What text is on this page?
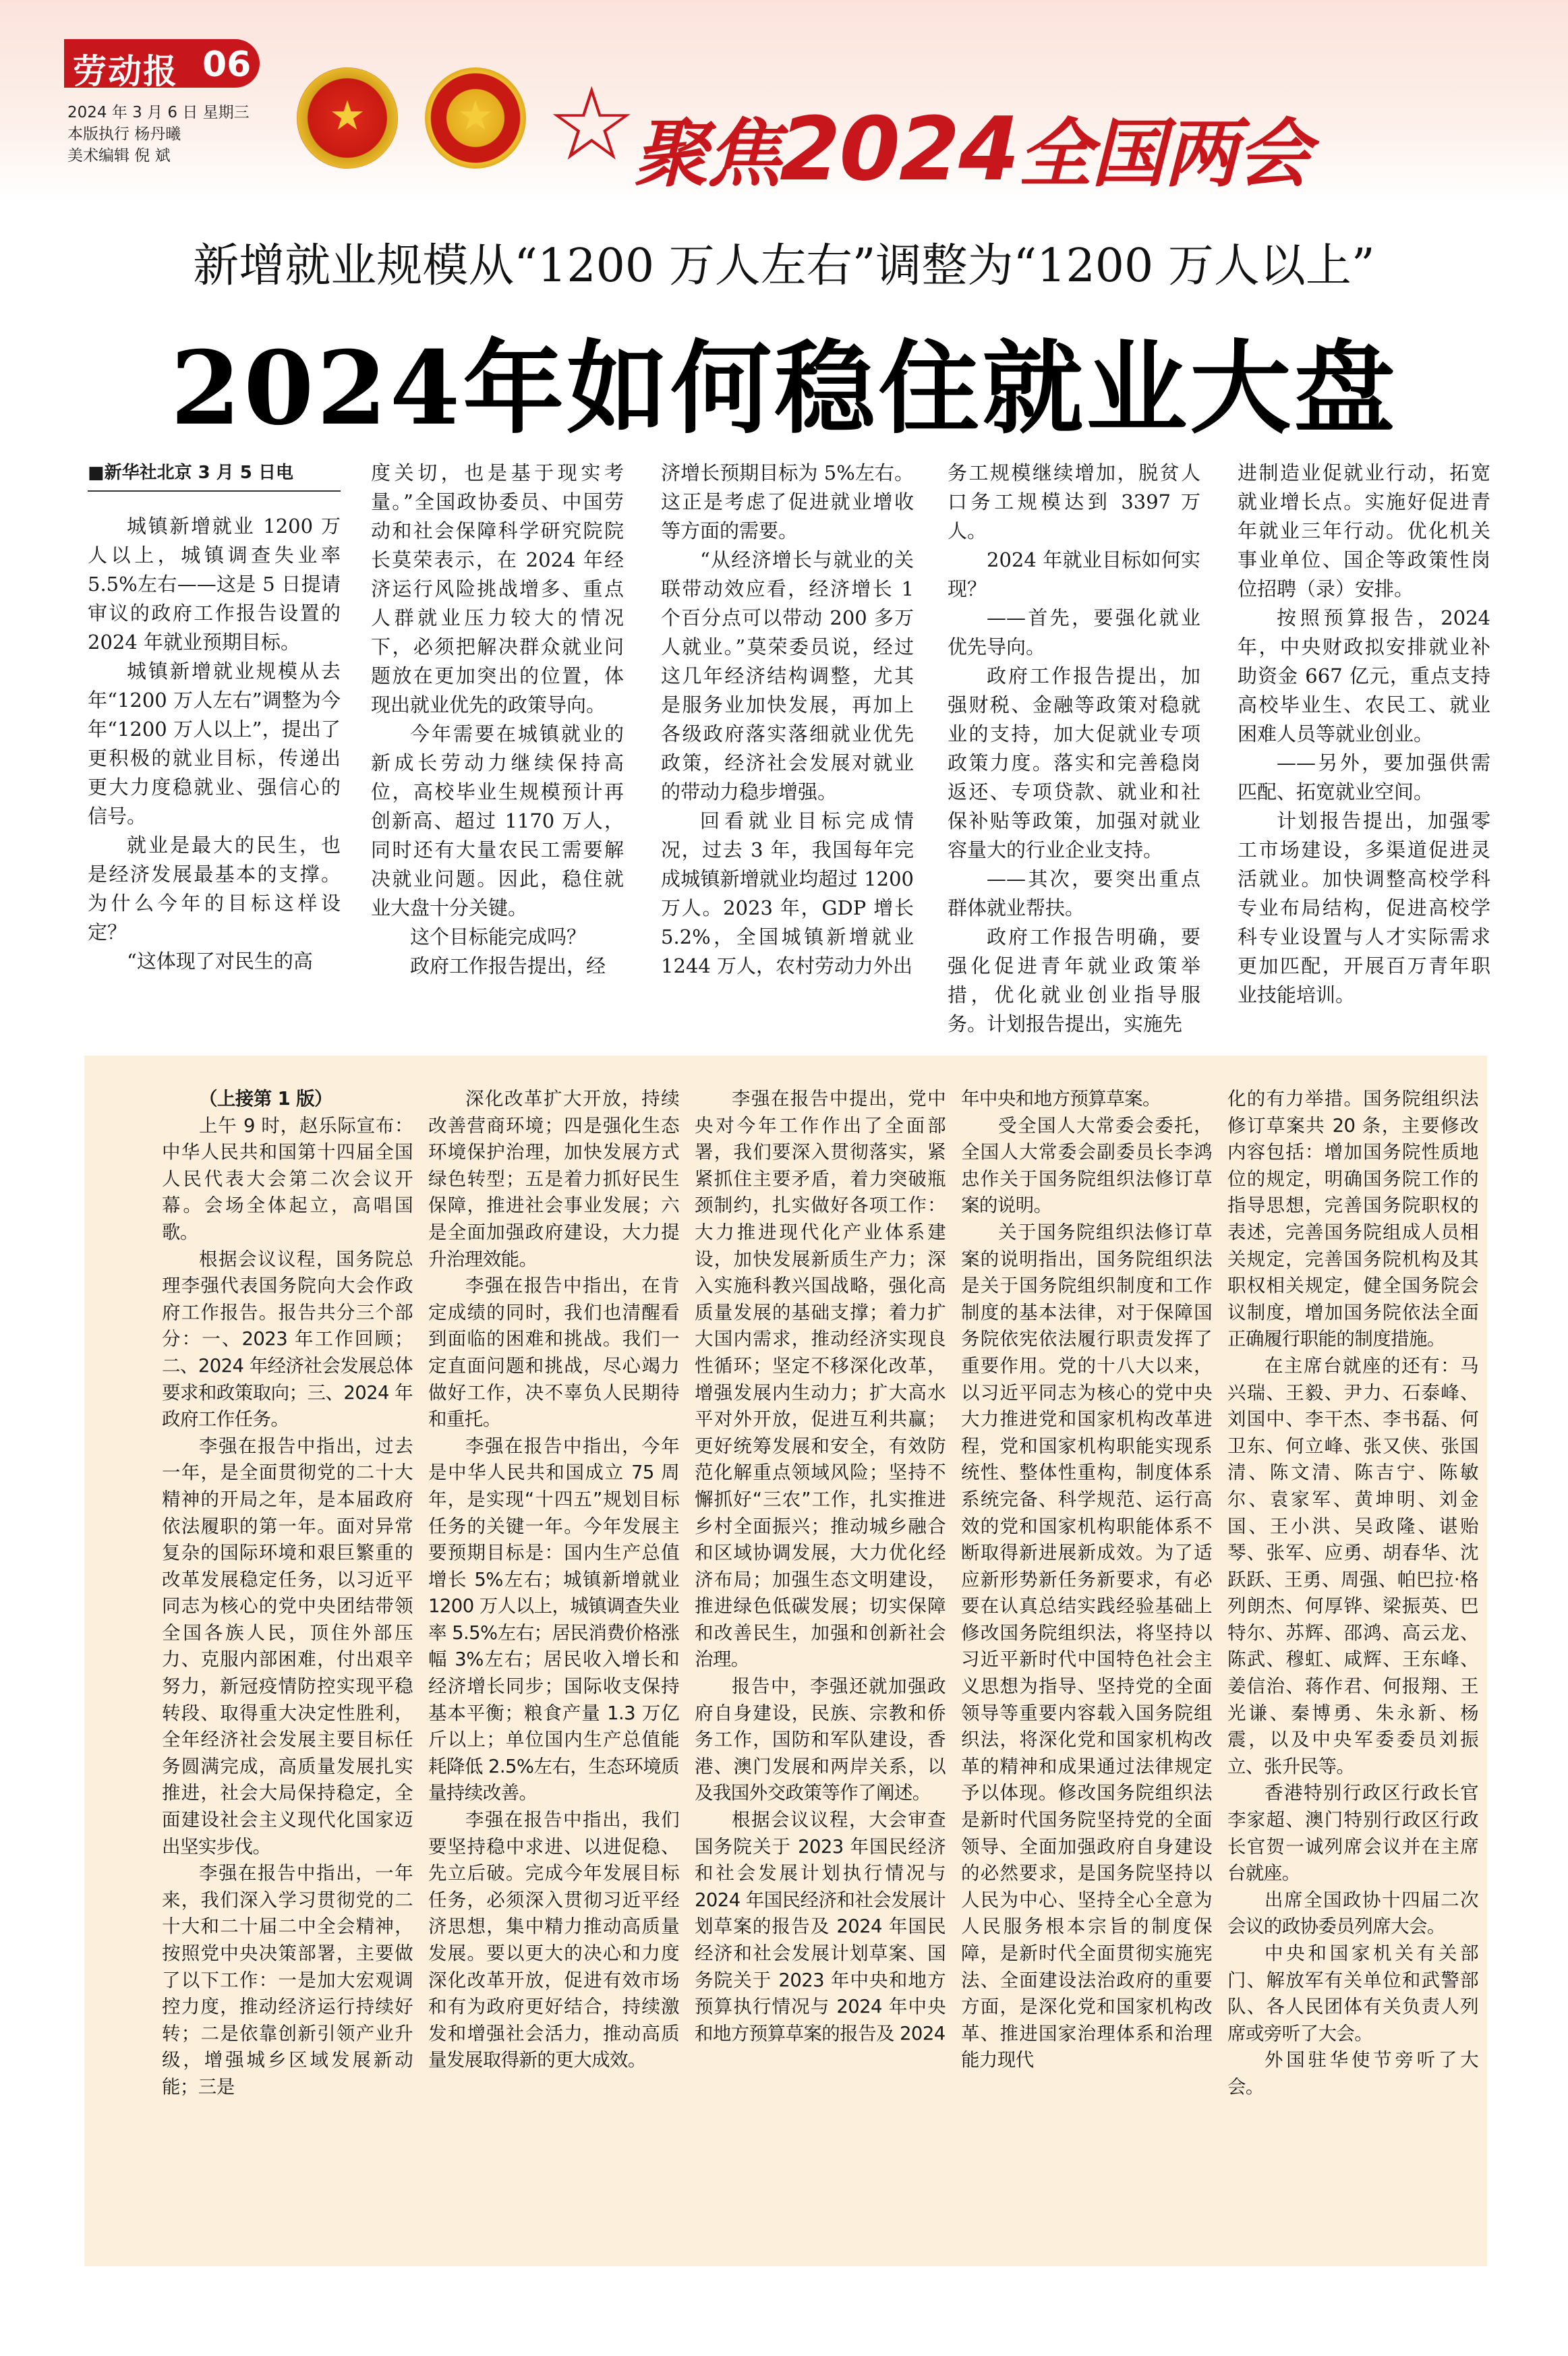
劳动报 06
2024 年 3 月 6 日 星期三
本版执行 杨丹曦
美术编辑 倪 斌
★ ★ ☆
聚焦2024全国两会
新增就业规模从“1200 万人左右”调整为“1200 万人以上”
2024年如何稳住就业大盘

■新华社北京 3 月 5 日电

城镇新增就业 1200 万人以上，城镇调查失业率 5.5%左右——这是 5 日提请审议的政府工作报告设置的 2024 年就业预期目标。

城镇新增就业规模从去年“1200 万人左右”调整为今年“1200 万人以上”，提出了更积极的就业目标，传递出更大力度稳就业、强信心的信号。

就业是最大的民生，也是经济发展最基本的支撑。为什么今年的目标这样设定？

“这体现了对民生的高

度关切，也是基于现实考量。”全国政协委员、中国劳动和社会保障科学研究院院长莫荣表示，在 2024 年经济运行风险挑战增多、重点人群就业压力较大的情况下，必须把解决群众就业问题放在更加突出的位置，体现出就业优先的政策导向。

今年需要在城镇就业的新成长劳动力继续保持高位，高校毕业生规模预计再创新高、超过 1170 万人，同时还有大量农民工需要解决就业问题。因此，稳住就业大盘十分关键。

这个目标能完成吗？

政府工作报告提出，经

济增长预期目标为 5%左右。这正是考虑了促进就业增收等方面的需要。

“从经济增长与就业的关联带动效应看，经济增长 1 个百分点可以带动 200 多万人就业。”莫荣委员说，经过这几年经济结构调整，尤其是服务业加快发展，再加上各级政府落实落细就业优先政策，经济社会发展对就业的带动力稳步增强。

回看就业目标完成情况，过去 3 年，我国每年完成城镇新增就业均超过 1200 万人。2023 年，GDP 增长 5.2%，全国城镇新增就业 1244 万人，农村劳动力外出

务工规模继续增加，脱贫人口务工规模达到 3397 万人。

2024 年就业目标如何实现？

——首先，要强化就业优先导向。

政府工作报告提出，加强财税、金融等政策对稳就业的支持，加大促就业专项政策力度。落实和完善稳岗返还、专项贷款、就业和社保补贴等政策，加强对就业容量大的行业企业支持。

——其次，要突出重点群体就业帮扶。

政府工作报告明确，要强化促进青年就业政策举措，优化就业创业指导服务。计划报告提出，实施先

进制造业促就业行动，拓宽就业增长点。实施好促进青年就业三年行动。优化机关事业单位、国企等政策性岗位招聘（录）安排。

按照预算报告，2024 年，中央财政拟安排就业补助资金 667 亿元，重点支持高校毕业生、农民工、就业困难人员等就业创业。

——另外，要加强供需匹配、拓宽就业空间。

计划报告提出，加强零工市场建设，多渠道促进灵活就业。加快调整高校学科专业布局结构，促进高校学科专业设置与人才实际需求更加匹配，开展百万青年职业技能培训。

（上接第 1 版）

上午 9 时，赵乐际宣布：中华人民共和国第十四届全国人民代表大会第二次会议开幕。会场全体起立，高唱国歌。

根据会议议程，国务院总理李强代表国务院向大会作政府工作报告。报告共分三个部分：一、2023 年工作回顾；二、2024 年经济社会发展总体要求和政策取向；三、2024 年政府工作任务。

李强在报告中指出，过去一年，是全面贯彻党的二十大精神的开局之年，是本届政府依法履职的第一年。面对异常复杂的国际环境和艰巨繁重的改革发展稳定任务，以习近平同志为核心的党中央团结带领全国各族人民，顶住外部压力、克服内部困难，付出艰辛努力，新冠疫情防控实现平稳转段、取得重大决定性胜利，全年经济社会发展主要目标任务圆满完成，高质量发展扎实推进，社会大局保持稳定，全面建设社会主义现代化国家迈出坚实步伐。

李强在报告中指出，一年来，我们深入学习贯彻党的二十大和二十届二中全会精神，按照党中央决策部署，主要做了以下工作：一是加大宏观调控力度，推动经济运行持续好转；二是依靠创新引领产业升级，增强城乡区域发展新动能；三是

深化改革扩大开放，持续改善营商环境；四是强化生态环境保护治理，加快发展方式绿色转型；五是着力抓好民生保障，推进社会事业发展；六是全面加强政府建设，大力提升治理效能。

李强在报告中指出，在肯定成绩的同时，我们也清醒看到面临的困难和挑战。我们一定直面问题和挑战，尽心竭力做好工作，决不辜负人民期待和重托。

李强在报告中指出，今年是中华人民共和国成立 75 周年，是实现“十四五”规划目标任务的关键一年。今年发展主要预期目标是：国内生产总值增长 5%左右；城镇新增就业 1200 万人以上，城镇调查失业率 5.5%左右；居民消费价格涨幅 3%左右；居民收入增长和经济增长同步；国际收支保持基本平衡；粮食产量 1.3 万亿斤以上；单位国内生产总值能耗降低 2.5%左右，生态环境质量持续改善。

李强在报告中指出，我们要坚持稳中求进、以进促稳、先立后破。完成今年发展目标任务，必须深入贯彻习近平经济思想，集中精力推动高质量发展。要以更大的决心和力度深化改革开放，促进有效市场和有为政府更好结合，持续激发和增强社会活力，推动高质量发展取得新的更大成效。

李强在报告中提出，党中央对今年工作作出了全面部署，我们要深入贯彻落实，紧紧抓住主要矛盾，着力突破瓶颈制约，扎实做好各项工作：大力推进现代化产业体系建设，加快发展新质生产力；深入实施科教兴国战略，强化高质量发展的基础支撑；着力扩大国内需求，推动经济实现良性循环；坚定不移深化改革，增强发展内生动力；扩大高水平对外开放，促进互利共赢；更好统筹发展和安全，有效防范化解重点领域风险；坚持不懈抓好“三农”工作，扎实推进乡村全面振兴；推动城乡融合和区域协调发展，大力优化经济布局；加强生态文明建设，推进绿色低碳发展；切实保障和改善民生，加强和创新社会治理。

报告中，李强还就加强政府自身建设，民族、宗教和侨务工作，国防和军队建设，香港、澳门发展和两岸关系，以及我国外交政策等作了阐述。

根据会议议程，大会审查国务院关于 2023 年国民经济和社会发展计划执行情况与 2024 年国民经济和社会发展计划草案的报告及 2024 年国民经济和社会发展计划草案、国务院关于 2023 年中央和地方预算执行情况与 2024 年中央和地方预算草案的报告及 2024

年中央和地方预算草案。

受全国人大常委会委托，全国人大常委会副委员长李鸿忠作关于国务院组织法修订草案的说明。

关于国务院组织法修订草案的说明指出，国务院组织法是关于国务院组织制度和工作制度的基本法律，对于保障国务院依宪依法履行职责发挥了重要作用。党的十八大以来，以习近平同志为核心的党中央大力推进党和国家机构改革进程，党和国家机构职能实现系统性、整体性重构，制度体系系统完备、科学规范、运行高效的党和国家机构职能体系不断取得新进展新成效。为了适应新形势新任务新要求，有必要在认真总结实践经验基础上修改国务院组织法，将坚持以习近平新时代中国特色社会主义思想为指导、坚持党的全面领导等重要内容载入国务院组织法，将深化党和国家机构改革的精神和成果通过法律规定予以体现。修改国务院组织法是新时代国务院坚持党的全面领导、全面加强政府自身建设的必然要求，是国务院坚持以人民为中心、坚持全心全意为人民服务根本宗旨的制度保障，是新时代全面贯彻实施宪法、全面建设法治政府的重要方面，是深化党和国家机构改革、推进国家治理体系和治理能力现代

化的有力举措。国务院组织法修订草案共 20 条，主要修改内容包括：增加国务院性质地位的规定，明确国务院工作的指导思想，完善国务院职权的表述，完善国务院组成人员相关规定，完善国务院机构及其职权相关规定，健全国务院会议制度，增加国务院依法全面正确履行职能的制度措施。

在主席台就座的还有：马兴瑞、王毅、尹力、石泰峰、刘国中、李干杰、李书磊、何卫东、何立峰、张又侠、张国清、陈文清、陈吉宁、陈敏尔、袁家军、黄坤明、刘金国、王小洪、吴政隆、谌贻琴、张军、应勇、胡春华、沈跃跃、王勇、周强、帕巴拉·格列朗杰、何厚铧、梁振英、巴特尔、苏辉、邵鸿、高云龙、陈武、穆虹、咸辉、王东峰、姜信治、蒋作君、何报翔、王光谦、秦博勇、朱永新、杨震，以及中央军委委员刘振立、张升民等。

香港特别行政区行政长官李家超、澳门特别行政区行政长官贺一诚列席会议并在主席台就座。

出席全国政协十四届二次会议的政协委员列席大会。

中央和国家机关有关部门、解放军有关单位和武警部队、各人民团体有关负责人列席或旁听了大会。

外国驻华使节旁听了大会。
